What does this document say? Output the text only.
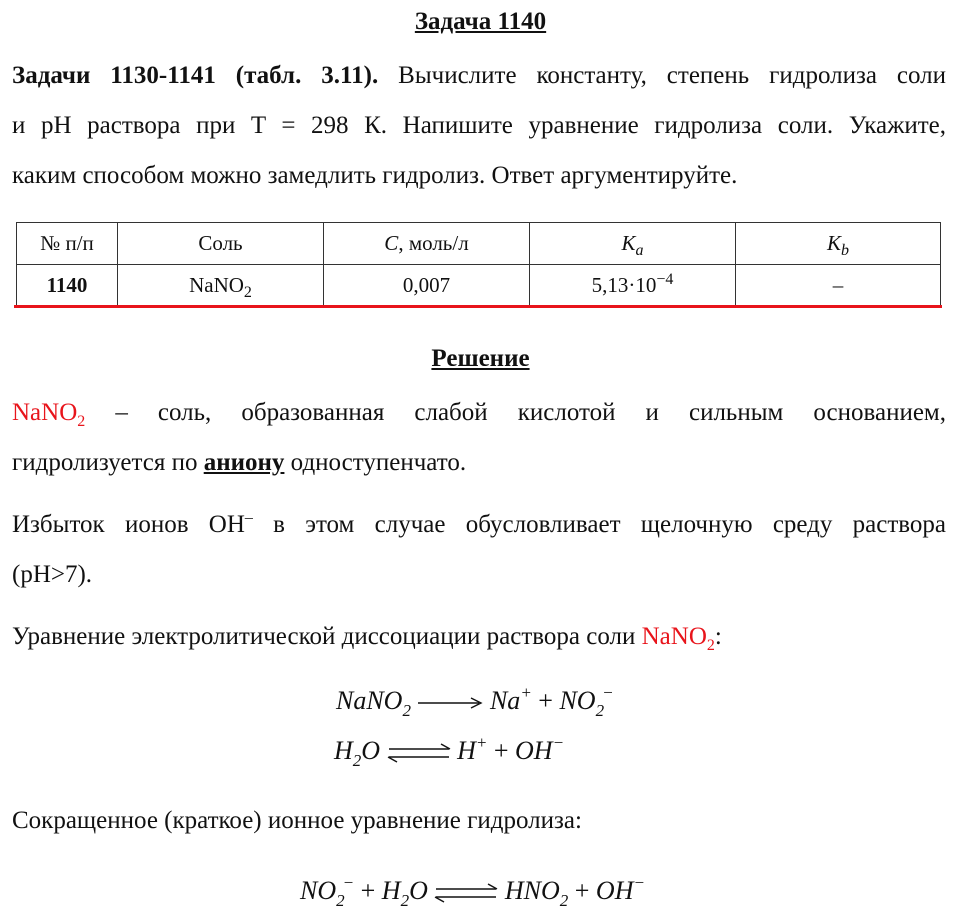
Задача 1140
Задачи 1130-1141 (табл. 3.11). Вычислите константу, степень гидролиза соли
и pH раствора при T = 298 К. Напишите уравнение гидролиза соли. Укажите,
каким способом можно замедлить гидролиз. Ответ аргументируйте.
№ п/п	Соль	C, моль/л	$K_a$	$K_b$
1140	NaNO$_2$	0,007	$5,13\cdot 10^{-4}$	–
Решение
NaNO$_2$ – соль, образованная слабой кислотой и сильным основанием,
гидролизуется по аниону одноступенчато.
Избыток ионов OH– в этом случае обусловливает щелочную среду раствора
(pH>7).
Уравнение электролитической диссоциации раствора соли NaNO$_2$:
NaNO$_2$	$Na^+ + NO_2^-$
$H_2O$ ⇌ H+ + OH−
Сокращенное (краткое) ионное уравнение гидролиза:
$NO_2^- + H_2O$ ⇌ $HNO_2 + OH^-$
